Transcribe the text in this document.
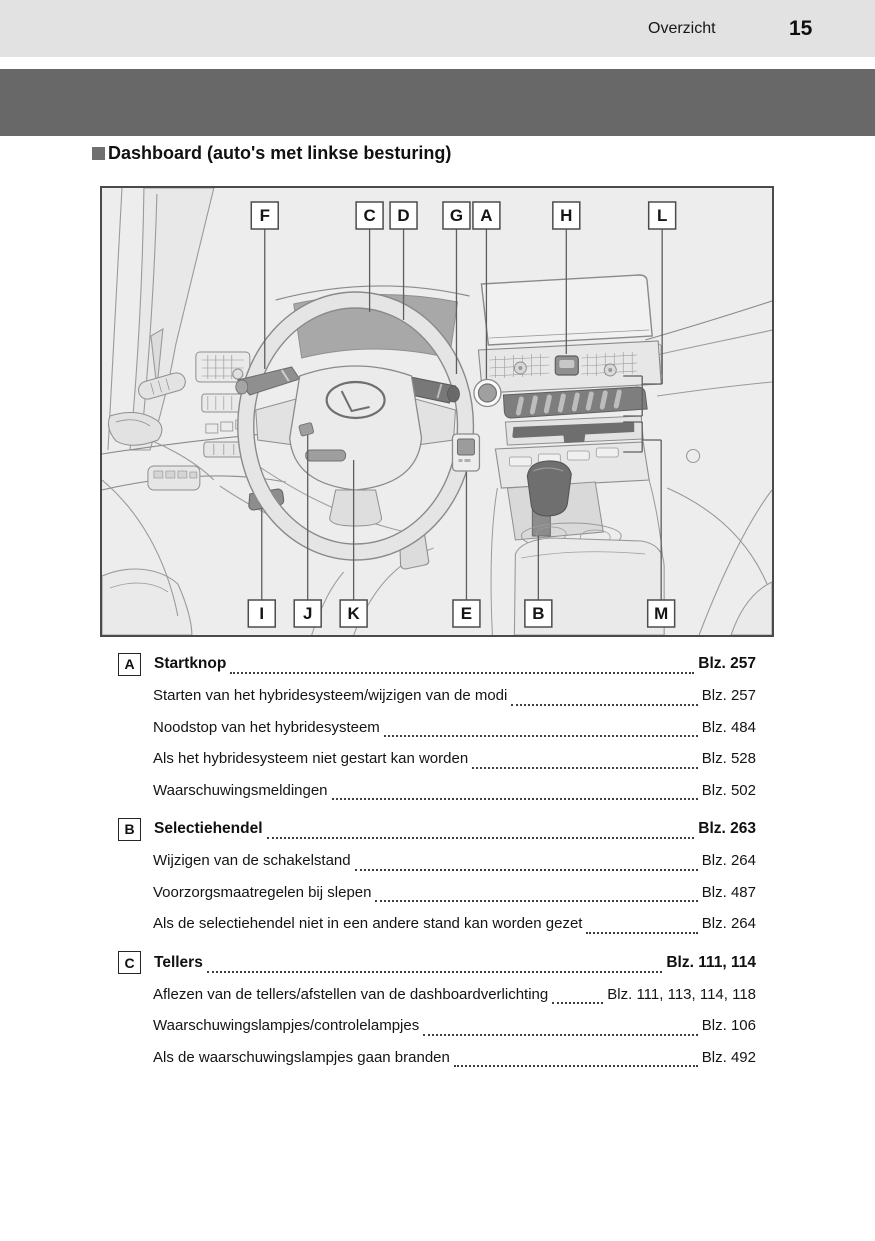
Overzicht	15
Dashboard (auto's met linkse besturing)
F	C D G A	H	L
I J K	E	B	M
A	Startknop	Blz. 257
Starten van het hybridesysteem/wijzigen van de modi	Blz. 257
Noodstop van het hybridesysteem	Blz. 484
Als het hybridesysteem niet gestart kan worden	Blz. 528
Waarschuwingsmeldingen	Blz. 502
B	Selectiehendel	Blz. 263
Wijzigen van de schakelstand	Blz. 264
Voorzorgsmaatregelen bij slepen	Blz. 487
Als de selectiehendel niet in een andere stand kan worden gezet	Blz. 264
C	Tellers	Blz. 111, 114
Aflezen van de tellers/afstellen van de dashboardverlichting	Blz. 111, 113, 114, 118
Waarschuwingslampjes/controlelampjes	Blz. 106
Als de waarschuwingslampjes gaan branden	Blz. 492
